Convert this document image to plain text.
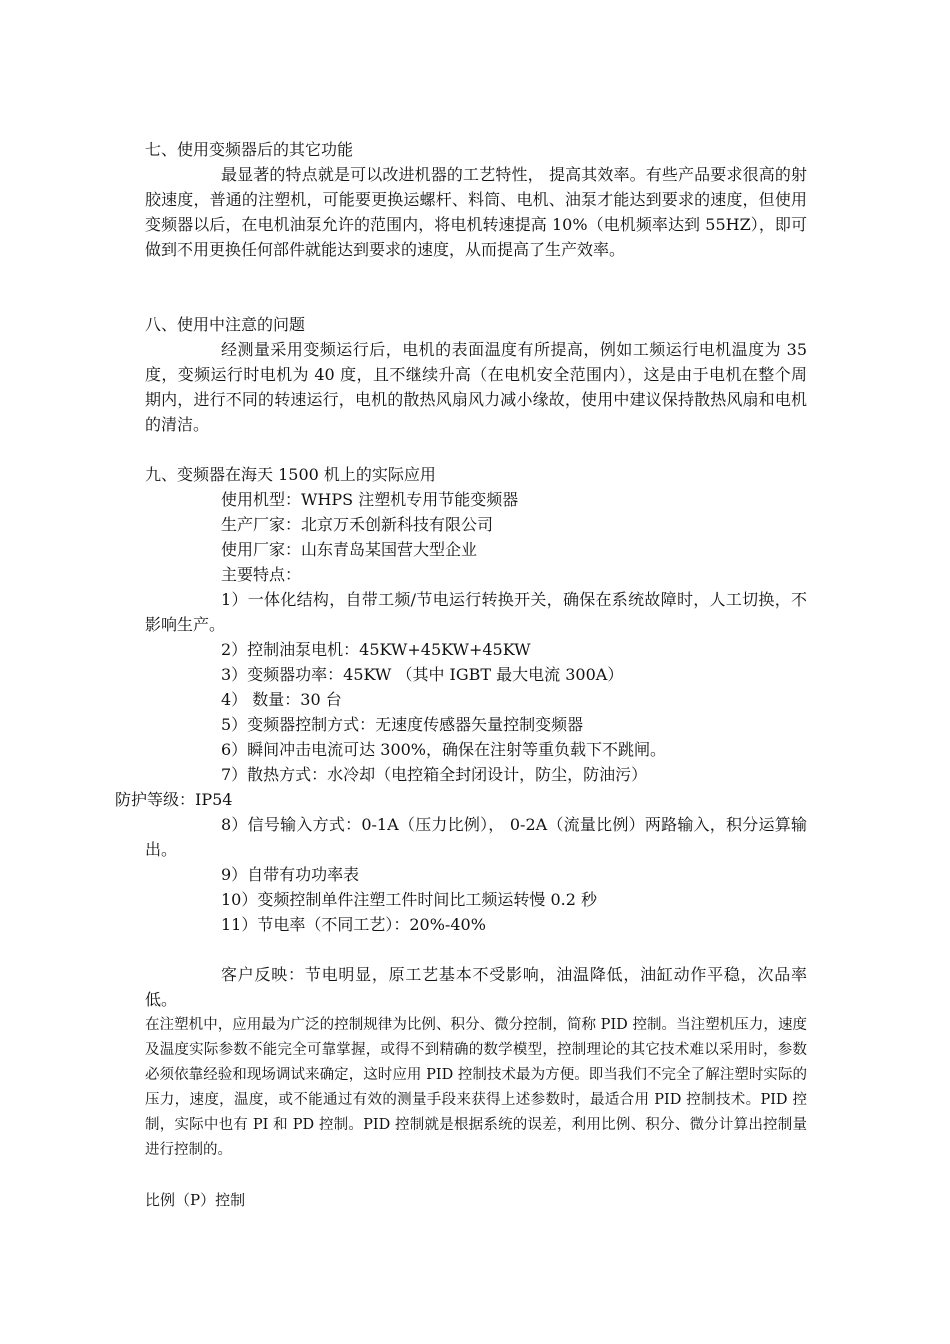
七、使用变频器后的其它功能

最显著的特点就是可以改进机器的工艺特性， 提高其效率。有些产品要求很高的射胶速度，普通的注塑机，可能要更换运螺杆、料筒、电机、油泵才能达到要求的速度，但使用变频器以后，在电机油泵允许的范围内，将电机转速提高 10%（电机频率达到 55HZ），即可做到不用更换任何部件就能达到要求的速度，从而提高了生产效率。

八、使用中注意的问题

经测量采用变频运行后，电机的表面温度有所提高，例如工频运行电机温度为 35 度，变频运行时电机为 40 度，且不继续升高（在电机安全范围内），这是由于电机在整个周期内，进行不同的转速运行，电机的散热风扇风力减小缘故，使用中建议保持散热风扇和电机的清洁。

九、变频器在海天 1500 机上的实际应用

使用机型：WHPS 注塑机专用节能变频器

生产厂家：北京万禾创新科技有限公司

使用厂家：山东青岛某国营大型企业

主要特点：

1）一体化结构，自带工频/节电运行转换开关，确保在系统故障时，人工切换，不影响生产。

2）控制油泵电机：45KW+45KW+45KW

3）变频器功率：45KW （其中 IGBT 最大电流 300A）

4） 数量：30 台

5）变频器控制方式：无速度传感器矢量控制变频器

6）瞬间冲击电流可达 300%，确保在注射等重负载下不跳闸。

7）散热方式：水冷却（电控箱全封闭设计，防尘，防油污）

防护等级：IP54

8）信号输入方式：0-1A（压力比例）， 0-2A（流量比例）两路输入，积分运算输出。

9）自带有功功率表

10）变频控制单件注塑工件时间比工频运转慢 0.2 秒

11）节电率（不同工艺）：20%-40%

客户反映：节电明显，原工艺基本不受影响，油温降低，油缸动作平稳，次品率低。

在注塑机中，应用最为广泛的控制规律为比例、积分、微分控制，简称 PID 控制。当注塑机压力，速度及温度实际参数不能完全可靠掌握，或得不到精确的数学模型，控制理论的其它技术难以采用时，参数必须依靠经验和现场调试来确定，这时应用 PID 控制技术最为方便。即当我们不完全了解注塑时实际的压力，速度，温度，或不能通过有效的测量手段来获得上述参数时，最适合用 PID 控制技术。PID 控制，实际中也有 PI 和 PD 控制。PID 控制就是根据系统的误差，利用比例、积分、微分计算出控制量进行控制的。

比例（P）控制
